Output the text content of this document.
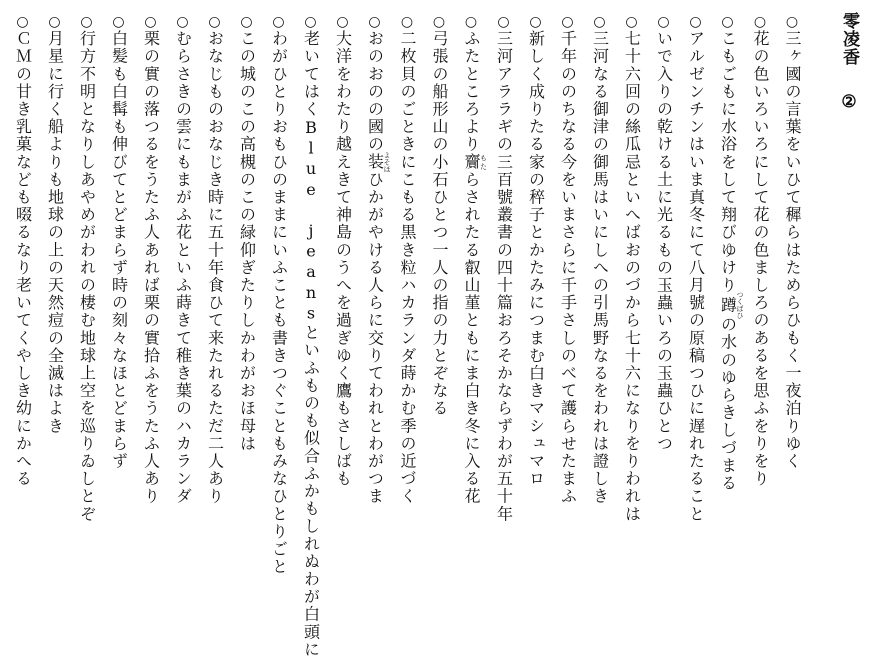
零凌香②
○三ヶ國の言葉をいひて穉らはためらひもく一夜泊りゆく
○花の色いろいろにして花の色ましろのあるを思ふをりをり
○こもごもに水浴をして翔びゆけり蹲つくばひの水のゆらきしづまる
○アルゼンチンはいま真冬にて八月號の原稿つひに遅れたること
○いで入りの乾ける土に光るもの玉蟲いろの玉蟲ひとつ
○七十六回の絲瓜忌といへばおのづから七十六になりをりわれは
○三河なる御津の御馬はいにしへの引馬野なるをわれは證しき
○千年ののちなる今をいまさらに千手さしのべて護らせたまふ
○新しく成りたる家の稡子とかたみにつまむ白きマシュマロ
○三河アララギの三百號叢書の四十篇おろそかならずわが五十年
○ふたところより齎もたらされたる叡山菫ともにま白き冬に入る花
○弓張の船形山の小石ひとつ一人の指の力とぞなる
○二枚貝のごときにこもる黒き粒ハカランダ蒔かむ季の近づく
○おのおのの國の装よそほひかがやける人らに交りてわれとわがつま
○大洋をわたり越えきて神島のうへを過ぎゆく鷹もさしばも
○老いてはくBlue jeansといふものも似合ふかもしれぬわが白頭に
○わがひとりおもひのままにいふことも書きつぐこともみなひとりごと
○この城のこの高槻のこの緑仰ぎたりしかわがおほ母は
○おなじものおなじき時に五十年食ひて来たれるただ二人あり
○むらさきの雲にもまがふ花といふ蒔きて稚き葉のハカランダ
○栗の實の落つるをうたふ人あれば栗の實拾ふをうたふ人あり
○白髪も白髯も伸びてとどまらず時の刻々なほとどまらず
○行方不明となりしあやめがわれの棲む地球上空を巡りゐしとぞ
○月星に行く船よりも地球の上の天然痘の全滅はよき
○ＣＭの甘き乳菓なども啜るなり老いてくやしき幼にかへる
